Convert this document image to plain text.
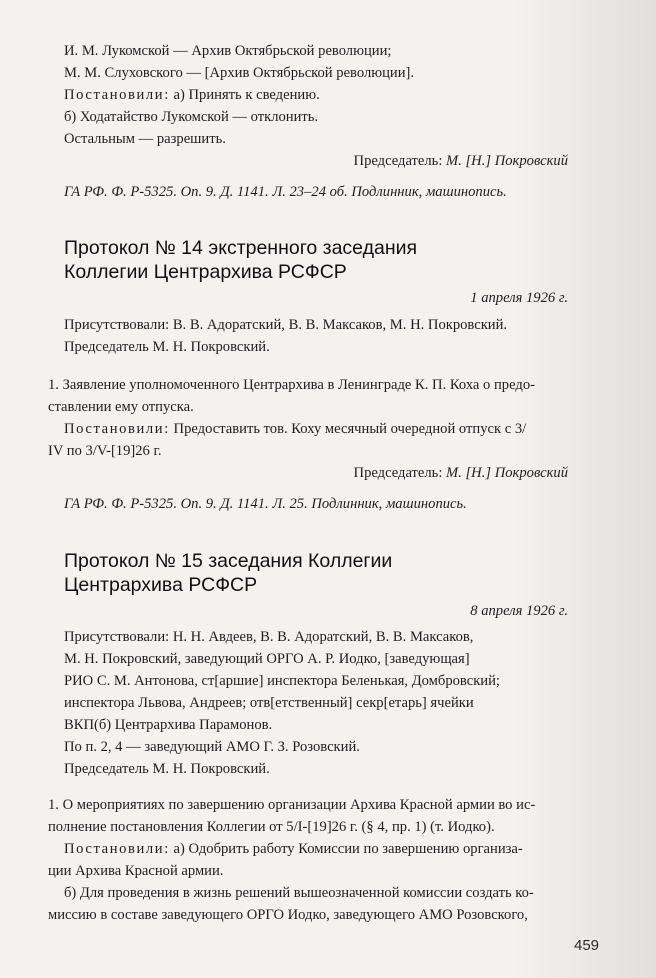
И. М. Лукомской — Архив Октябрьской революции;

М. М. Слуховского — [Архив Октябрьской революции].

Постановили: а) Принять к сведению.

б) Ходатайство Лукомской — отклонить.

Остальным — разрешить.

Председатель: М. [Н.] Покровский

ГА РФ. Ф. Р-5325. Оп. 9. Д. 1141. Л. 23–24 об. Подлинник, машинопись.

Протокол № 14 экстренного заседания
Коллегии Центрархива РСФСР

1 апреля 1926 г.

Присутствовали: В. В. Адоратский, В. В. Максаков, М. Н. Покровский.

Председатель М. Н. Покровский.

1. Заявление уполномоченного Центрархива в Ленинграде К. П. Коха о предо-

ставлении ему отпуска.

Постановили: Предоставить тов. Коху месячный очередной отпуск с 3/

IV по 3/V-[19]26 г.

Председатель: М. [Н.] Покровский

ГА РФ. Ф. Р-5325. Оп. 9. Д. 1141. Л. 25. Подлинник, машинопись.

Протокол № 15 заседания Коллегии
Центрархива РСФСР

8 апреля 1926 г.

Присутствовали: Н. Н. Авдеев, В. В. Адоратский, В. В. Максаков,

М. Н. Покровский, заведующий ОРГО А. Р. Иодко, [заведующая]

РИО С. М. Антонова, ст[аршие] инспектора Беленькая, Домбровский;

инспектора Львова, Андреев; отв[етственный] секр[етарь] ячейки

ВКП(б) Центрархива Парамонов.

По п. 2, 4 — заведующий АМО Г. З. Розовский.

Председатель М. Н. Покровский.

1. О мероприятиях по завершению организации Архива Красной армии во ис-

полнение постановления Коллегии от 5/I-[19]26 г. (§ 4, пр. 1) (т. Иодко).

Постановили: а) Одобрить работу Комиссии по завершению организа-

ции Архива Красной армии.

б) Для проведения в жизнь решений вышеозначенной комиссии создать ко-

миссию в составе заведующего ОРГО Иодко, заведующего АМО Розовского,

459
